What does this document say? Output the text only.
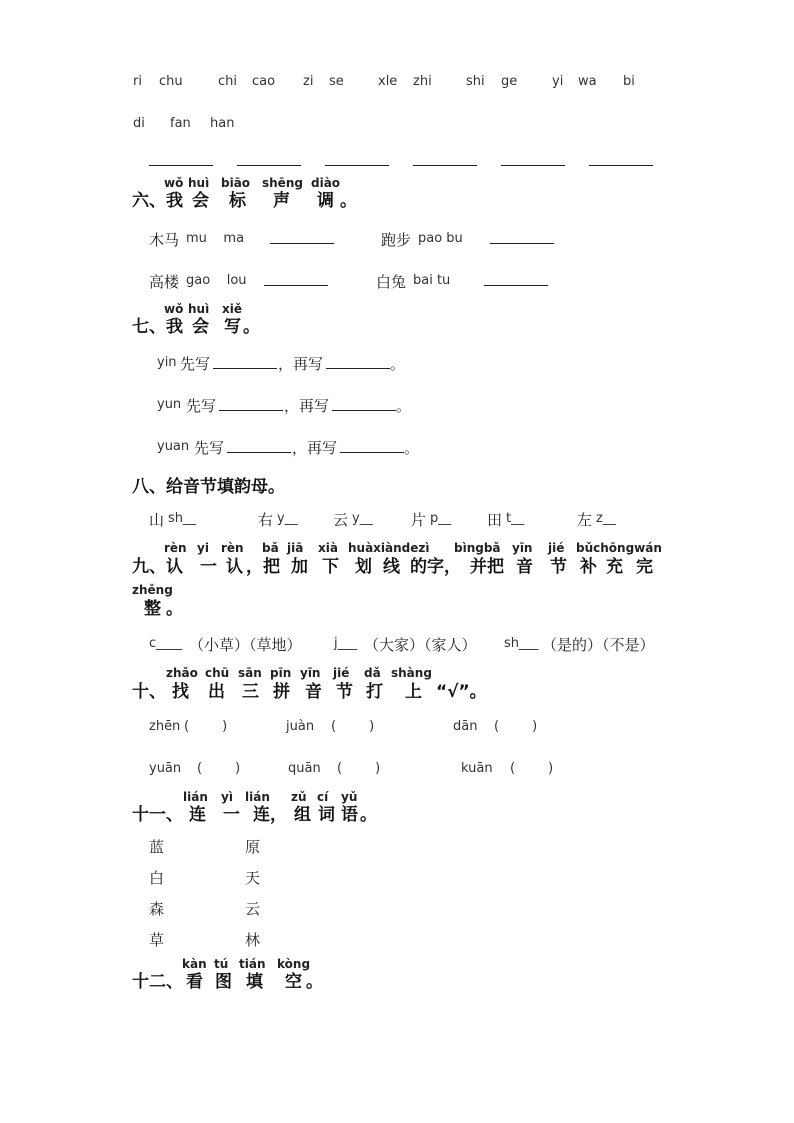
ri chu	chi cao zi se	xle zhi	shi ge	yi wa bi
di fan han
六、
wǒ huì biāo shēng diào
我 会 标 声 调 。
木马 mu    ma	跑步 pao bu
高楼 gao    lou	白兔 bai tu
七、
wǒ huì xiě
我 会 写 。
yin 先写	，再写	。
yun 先写	，再写	。
yuan 先写	，再写	。
八、给音节填韵母。
山 sh__	右 y__ 云 y__	片 p__ 田 t__	左 z__
九、
rèn yi rèn bǎ jiā xià huàxiàndezì bìngbǎ yīn jié bǔchōngwán
认 一 认 ，把 加 下 划 线 的字， 并把 音 节 补 充 完
zhěng
整 。
c____ （小草）（草地） j___ （大家）（家人） sh___ （是的）（不是）
十、
zhǎo chū sān pīn yīn jié dǎ shàng
找 出 三 拼 音 节 打 上 “√”。
zhēn (        )	juàn (        )	dān (        )
yuān (        )	quān (        )	kuān (        )
十一、
lián yì lián zǔ cí yǔ
连 一 连， 组 词 语 。
蓝
白
森
草
原
天
云
林
十二、
kàn tú tián kòng
看 图 填 空 。
